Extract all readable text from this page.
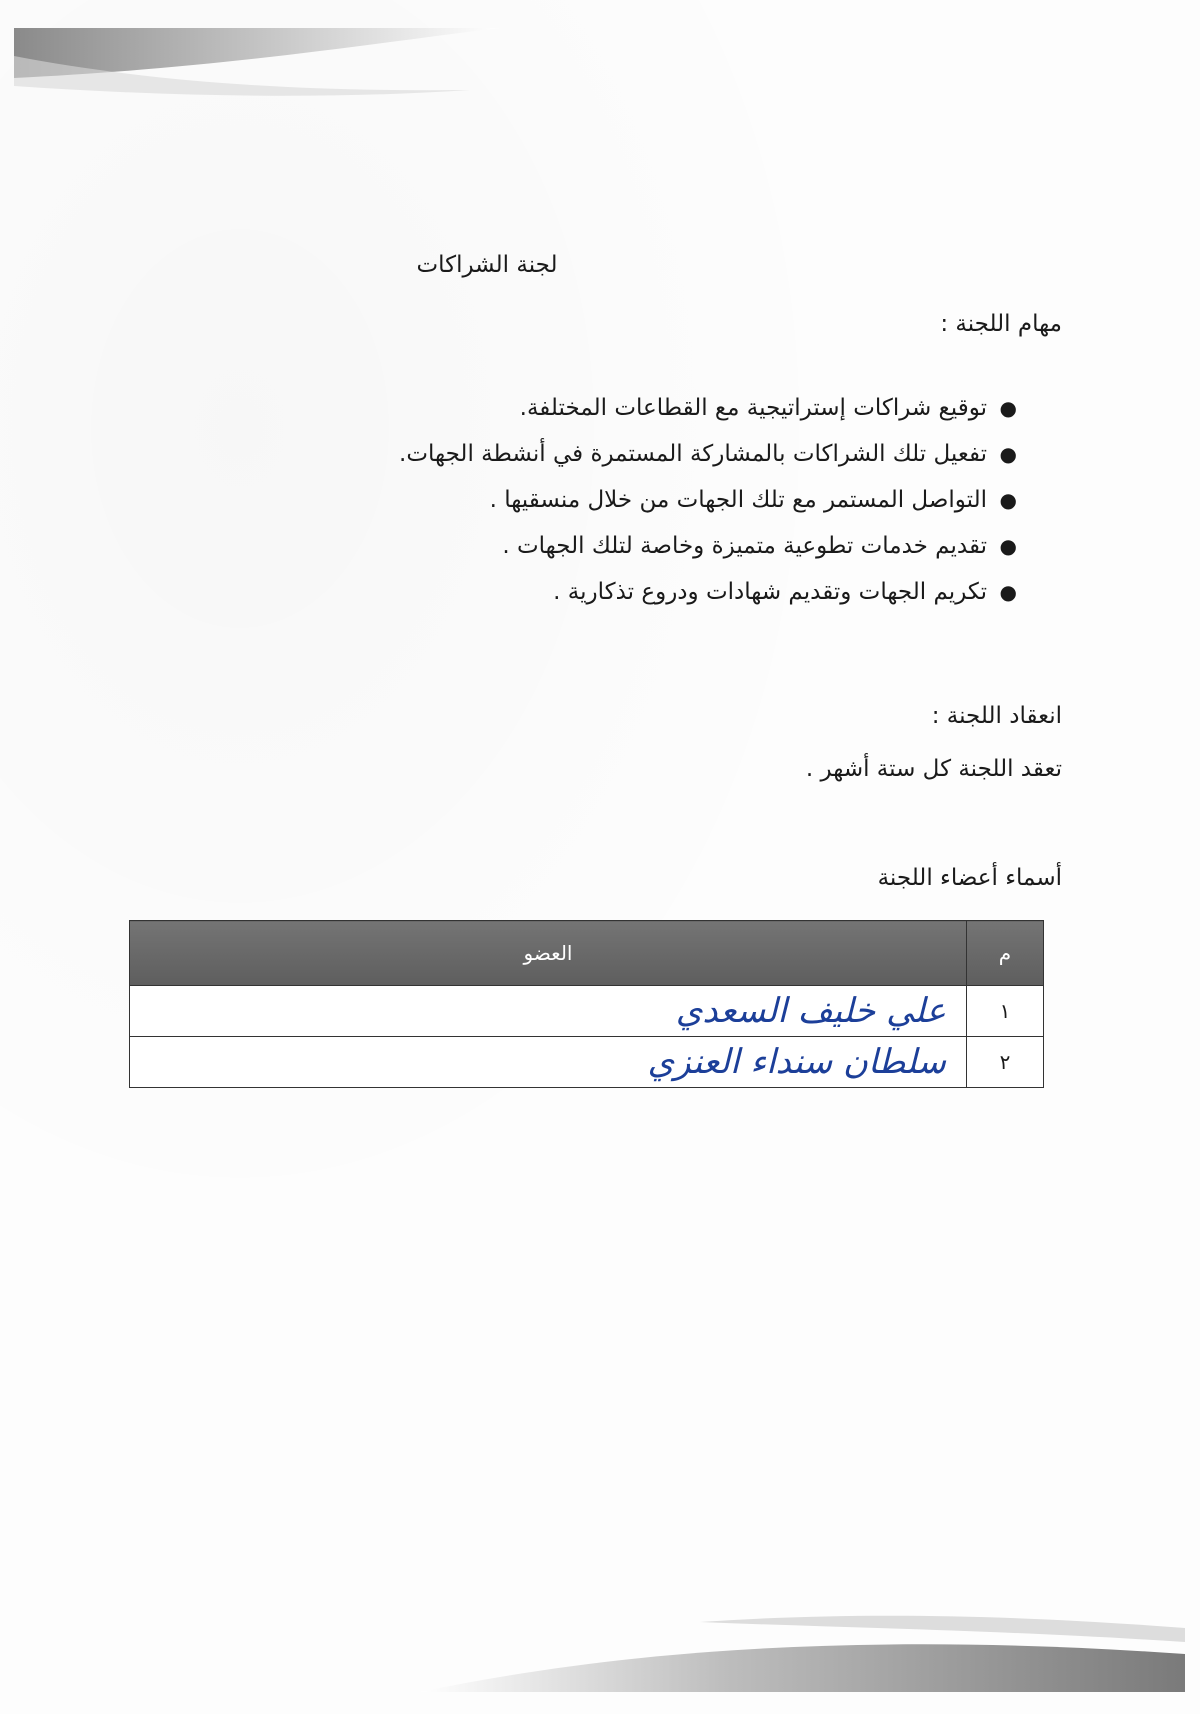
لجنة الشراكات
مهام اللجنة :
●
توقيع شراكات إستراتيجية مع القطاعات المختلفة.
●
تفعيل تلك الشراكات بالمشاركة المستمرة في أنشطة الجهات.
●
التواصل المستمر مع تلك الجهات من خلال منسقيها .
●
تقديم خدمات تطوعية متميزة وخاصة لتلك الجهات .
●
تكريم الجهات وتقديم شهادات ودروع تذكارية .
انعقاد اللجنة :
تعقد اللجنة كل ستة أشهر .
أسماء أعضاء اللجنة
م	العضو
١	علي خليف السعدي
٢	سلطان سنداء العنزي
